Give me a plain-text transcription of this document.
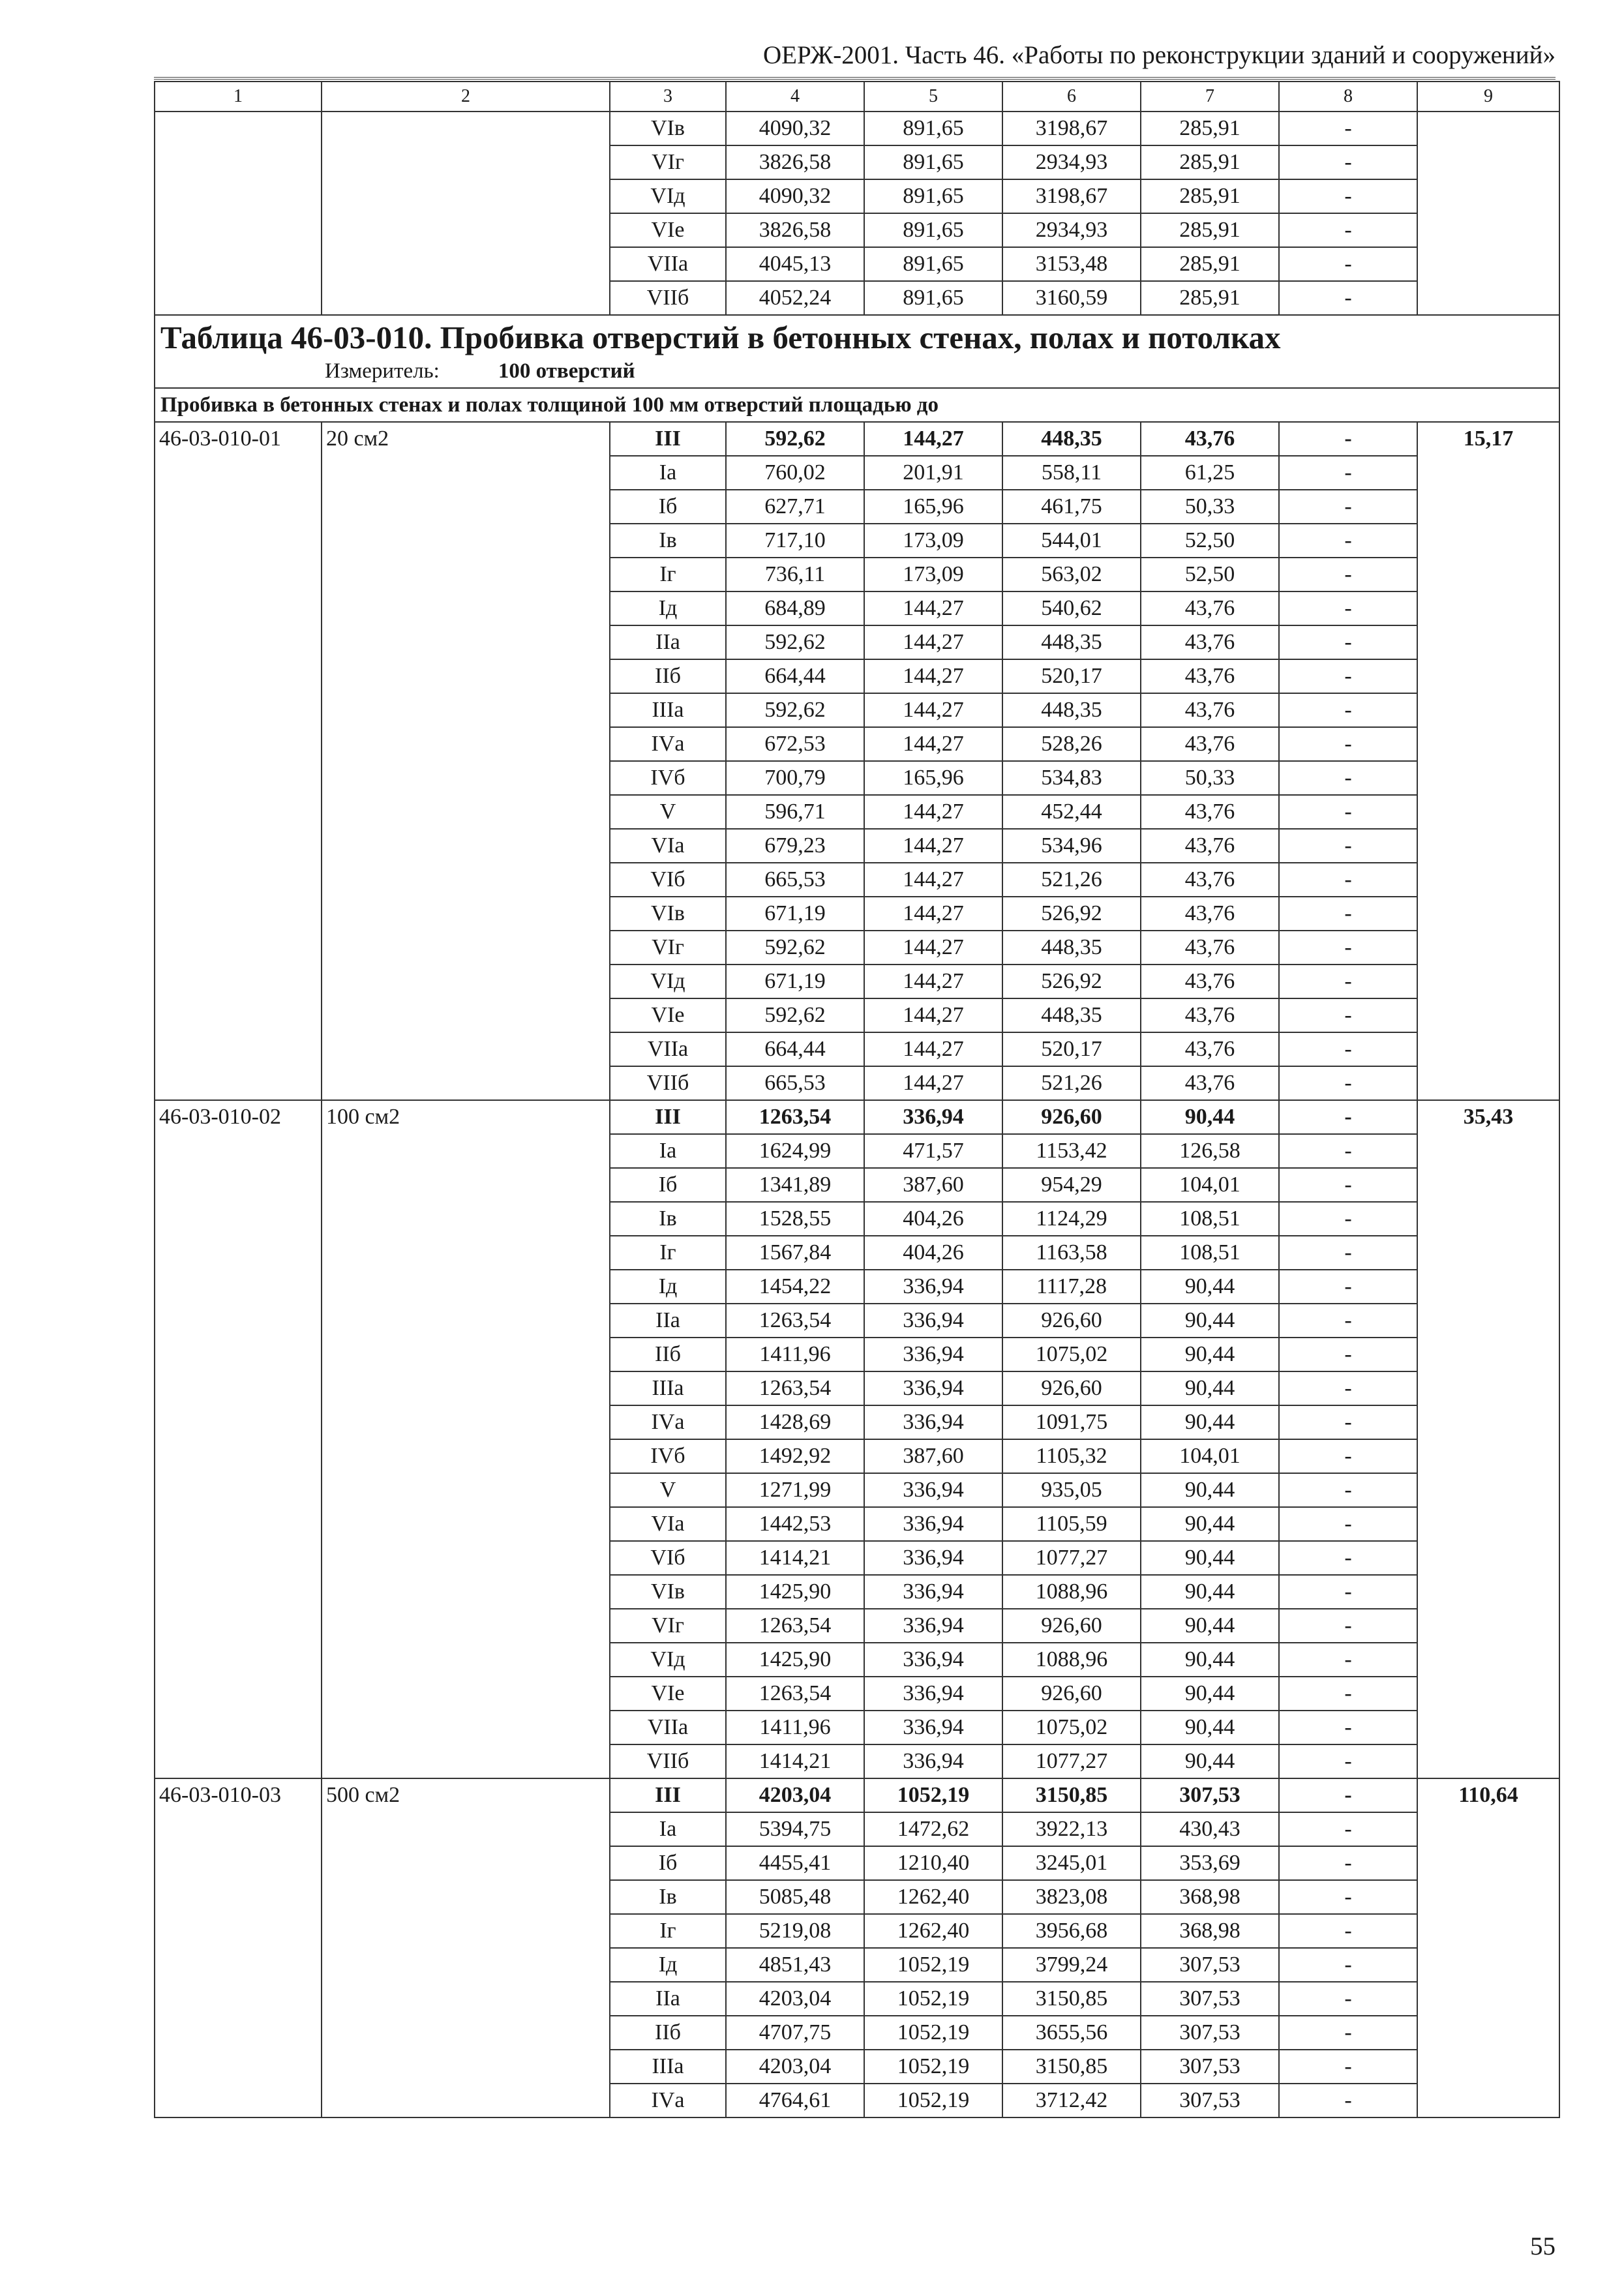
ОЕРЖ-2001. Часть 46. «Работы по реконструкции зданий и сооружений»
1	2	3	4	5	6	7	8	9
		VIв	4090,32	891,65	3198,67	285,91	-	
		VIг	3826,58	891,65	2934,93	285,91	-	
		VIд	4090,32	891,65	3198,67	285,91	-	
		VIе	3826,58	891,65	2934,93	285,91	-	
		VIIа	4045,13	891,65	3153,48	285,91	-	
		VIIб	4052,24	891,65	3160,59	285,91	-	

Таблица 46-03-010. Пробивка отверстий в бетонных стенах, полах и потолках
Измеритель: 100 отверстий								

Пробивка в бетонных стенах и полах толщиной 100 мм отверстий площадью до								
46-03-010-01	20 см2	III	592,62	144,27	448,35	43,76	-	15,17
		Iа	760,02	201,91	558,11	61,25	-	
		Iб	627,71	165,96	461,75	50,33	-	
		Iв	717,10	173,09	544,01	52,50	-	
		Iг	736,11	173,09	563,02	52,50	-	
		Iд	684,89	144,27	540,62	43,76	-	
		IIа	592,62	144,27	448,35	43,76	-	
		IIб	664,44	144,27	520,17	43,76	-	
		IIIа	592,62	144,27	448,35	43,76	-	
		IVа	672,53	144,27	528,26	43,76	-	
		IVб	700,79	165,96	534,83	50,33	-	
		V	596,71	144,27	452,44	43,76	-	
		VIа	679,23	144,27	534,96	43,76	-	
		VIб	665,53	144,27	521,26	43,76	-	
		VIв	671,19	144,27	526,92	43,76	-	
		VIг	592,62	144,27	448,35	43,76	-	
		VIд	671,19	144,27	526,92	43,76	-	
		VIе	592,62	144,27	448,35	43,76	-	
		VIIа	664,44	144,27	520,17	43,76	-	
		VIIб	665,53	144,27	521,26	43,76	-	
46-03-010-02	100 см2	III	1263,54	336,94	926,60	90,44	-	35,43
		Iа	1624,99	471,57	1153,42	126,58	-	
		Iб	1341,89	387,60	954,29	104,01	-	
		Iв	1528,55	404,26	1124,29	108,51	-	
		Iг	1567,84	404,26	1163,58	108,51	-	
		Iд	1454,22	336,94	1117,28	90,44	-	
		IIа	1263,54	336,94	926,60	90,44	-	
		IIб	1411,96	336,94	1075,02	90,44	-	
		IIIа	1263,54	336,94	926,60	90,44	-	
		IVа	1428,69	336,94	1091,75	90,44	-	
		IVб	1492,92	387,60	1105,32	104,01	-	
		V	1271,99	336,94	935,05	90,44	-	
		VIа	1442,53	336,94	1105,59	90,44	-	
		VIб	1414,21	336,94	1077,27	90,44	-	
		VIв	1425,90	336,94	1088,96	90,44	-	
		VIг	1263,54	336,94	926,60	90,44	-	
		VIд	1425,90	336,94	1088,96	90,44	-	
		VIе	1263,54	336,94	926,60	90,44	-	
		VIIа	1411,96	336,94	1075,02	90,44	-	
		VIIб	1414,21	336,94	1077,27	90,44	-	
46-03-010-03	500 см2	III	4203,04	1052,19	3150,85	307,53	-	110,64
		Iа	5394,75	1472,62	3922,13	430,43	-	
		Iб	4455,41	1210,40	3245,01	353,69	-	
		Iв	5085,48	1262,40	3823,08	368,98	-	
		Iг	5219,08	1262,40	3956,68	368,98	-	
		Iд	4851,43	1052,19	3799,24	307,53	-	
		IIа	4203,04	1052,19	3150,85	307,53	-	
		IIб	4707,75	1052,19	3655,56	307,53	-	
		IIIа	4203,04	1052,19	3150,85	307,53	-	
		IVа	4764,61	1052,19	3712,42	307,53	-	
55
